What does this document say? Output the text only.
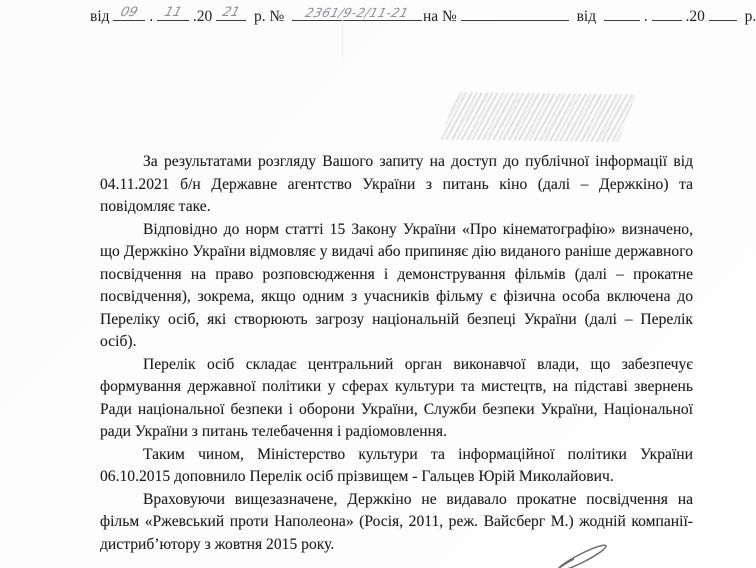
від 09 . 11 .20 21 р. №	2361/9-2/11-21 на №	від	. .20	р.

За результатами розгляду Вашого запиту на доступ до публічної інформації від 04.11.2021 б/н Державне агентство України з питань кіно (далі – Держкіно) та повідомляє таке.

Відповідно до норм статті 15 Закону України «Про кінематографію» визначено, що Держкіно України відмовляє у видачі або припиняє дію виданого раніше державного посвідчення на право розповсюдження і демонстрування фільмів (далі – прокатне посвідчення), зокрема, якщо одним з учасників фільму є фізична особа включена до Переліку осіб, які створюють загрозу національній безпеці України (далі – Перелік осіб).

Перелік осіб складає центральний орган виконавчої влади, що забезпечує формування державної політики у сферах культури та мистецтв, на підставі звернень Ради національної безпеки і оборони України, Служби безпеки України, Національної ради України з питань телебачення і радіомовлення.

Таким чином, Міністерство культури та інформаційної політики України 06.10.2015 доповнило Перелік осіб прізвищем - Гальцев Юрій Миколайович.

Враховуючи вищезазначене, Держкіно не видавало прокатне посвідчення на фільм «Ржевський проти Наполеона» (Росія, 2011, реж. Вайсберг М.) жодній компанії-дистриб’ютору з жовтня 2015 року.
